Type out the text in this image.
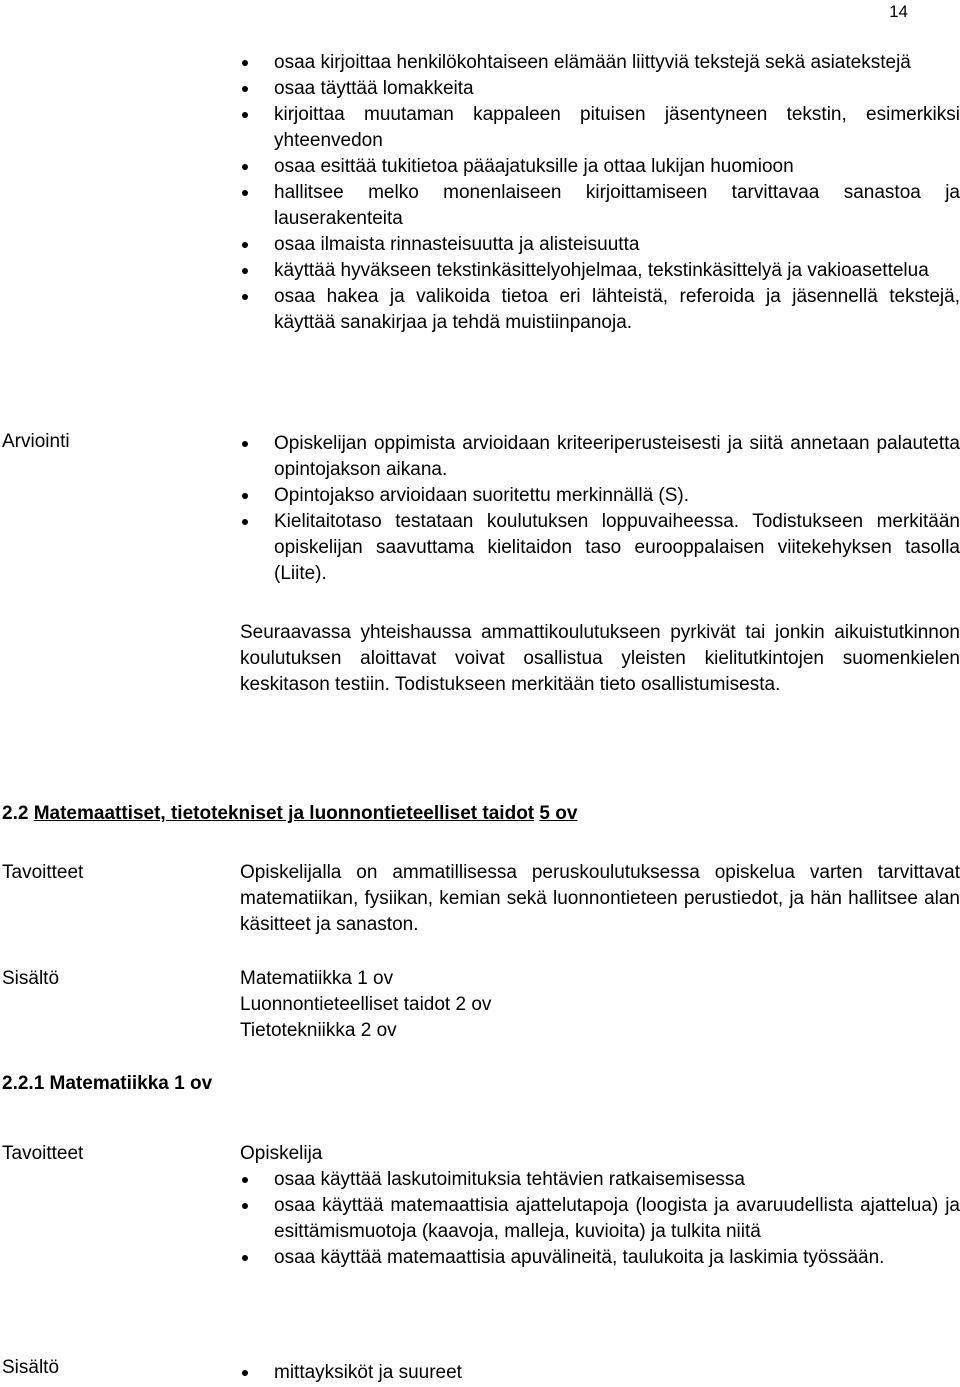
14
osaa kirjoittaa henkilökohtaiseen elämään liittyviä tekstejä sekä asiatekstejä
osaa täyttää lomakkeita
kirjoittaa muutaman kappaleen pituisen jäsentyneen tekstin, esimerkiksi yhteenvedon
osaa esittää tukitietoa pääajatuksille ja ottaa lukijan huomioon
hallitsee melko monenlaiseen kirjoittamiseen tarvittavaa sanastoa ja lauserakenteita
osaa ilmaista rinnasteisuutta ja alisteisuutta
käyttää hyväkseen tekstinkäsittelyohjelmaa, tekstinkäsittelyä ja vakioasettelua
osaa hakea ja valikoida tietoa eri lähteistä, referoida ja jäsennellä tekstejä, käyttää sanakirjaa ja tehdä muistiinpanoja.
Arviointi	Opiskelijan oppimista arvioidaan kriteeriperusteisesti ja siitä annetaan palautetta opintojakson aikana.
Opintojakso arvioidaan suoritettu merkinnällä (S).
Kielitaitotaso testataan koulutuksen loppuvaiheessa. Todistukseen merkitään opiskelijan saavuttama kielitaidon taso eurooppalaisen viitekehyksen tasolla (Liite).
Seuraavassa yhteishaussa ammattikoulutukseen pyrkivät tai jonkin aikuistutkinnon koulutuksen aloittavat voivat osallistua yleisten kielitutkintojen suomenkielen keskitason testiin. Todistukseen merkitään tieto osallistumisesta.
2.2 Matemaattiset, tietotekniset ja luonnontieteelliset taidot 5 ov
Tavoitteet	Opiskelijalla on ammatillisessa peruskoulutuksessa opiskelua varten tarvittavat matematiikan, fysiikan, kemian sekä luonnontieteen perustiedot, ja hän hallitsee alan käsitteet ja sanaston.
Sisältö	Matematiikka 1 ov
Luonnontieteelliset taidot 2 ov
Tietotekniikka 2 ov
2.2.1 Matematiikka 1 ov
Tavoitteet	Opiskelija
osaa käyttää laskutoimituksia tehtävien ratkaisemisessa
osaa käyttää matemaattisia ajattelutapoja (loogista ja avaruudellista ajattelua) ja esittämismuotoja (kaavoja, malleja, kuvioita) ja tulkita niitä
osaa käyttää matemaattisia apuvälineitä, taulukoita ja laskimia työssään.
Sisältö	mittayksiköt ja suureet
